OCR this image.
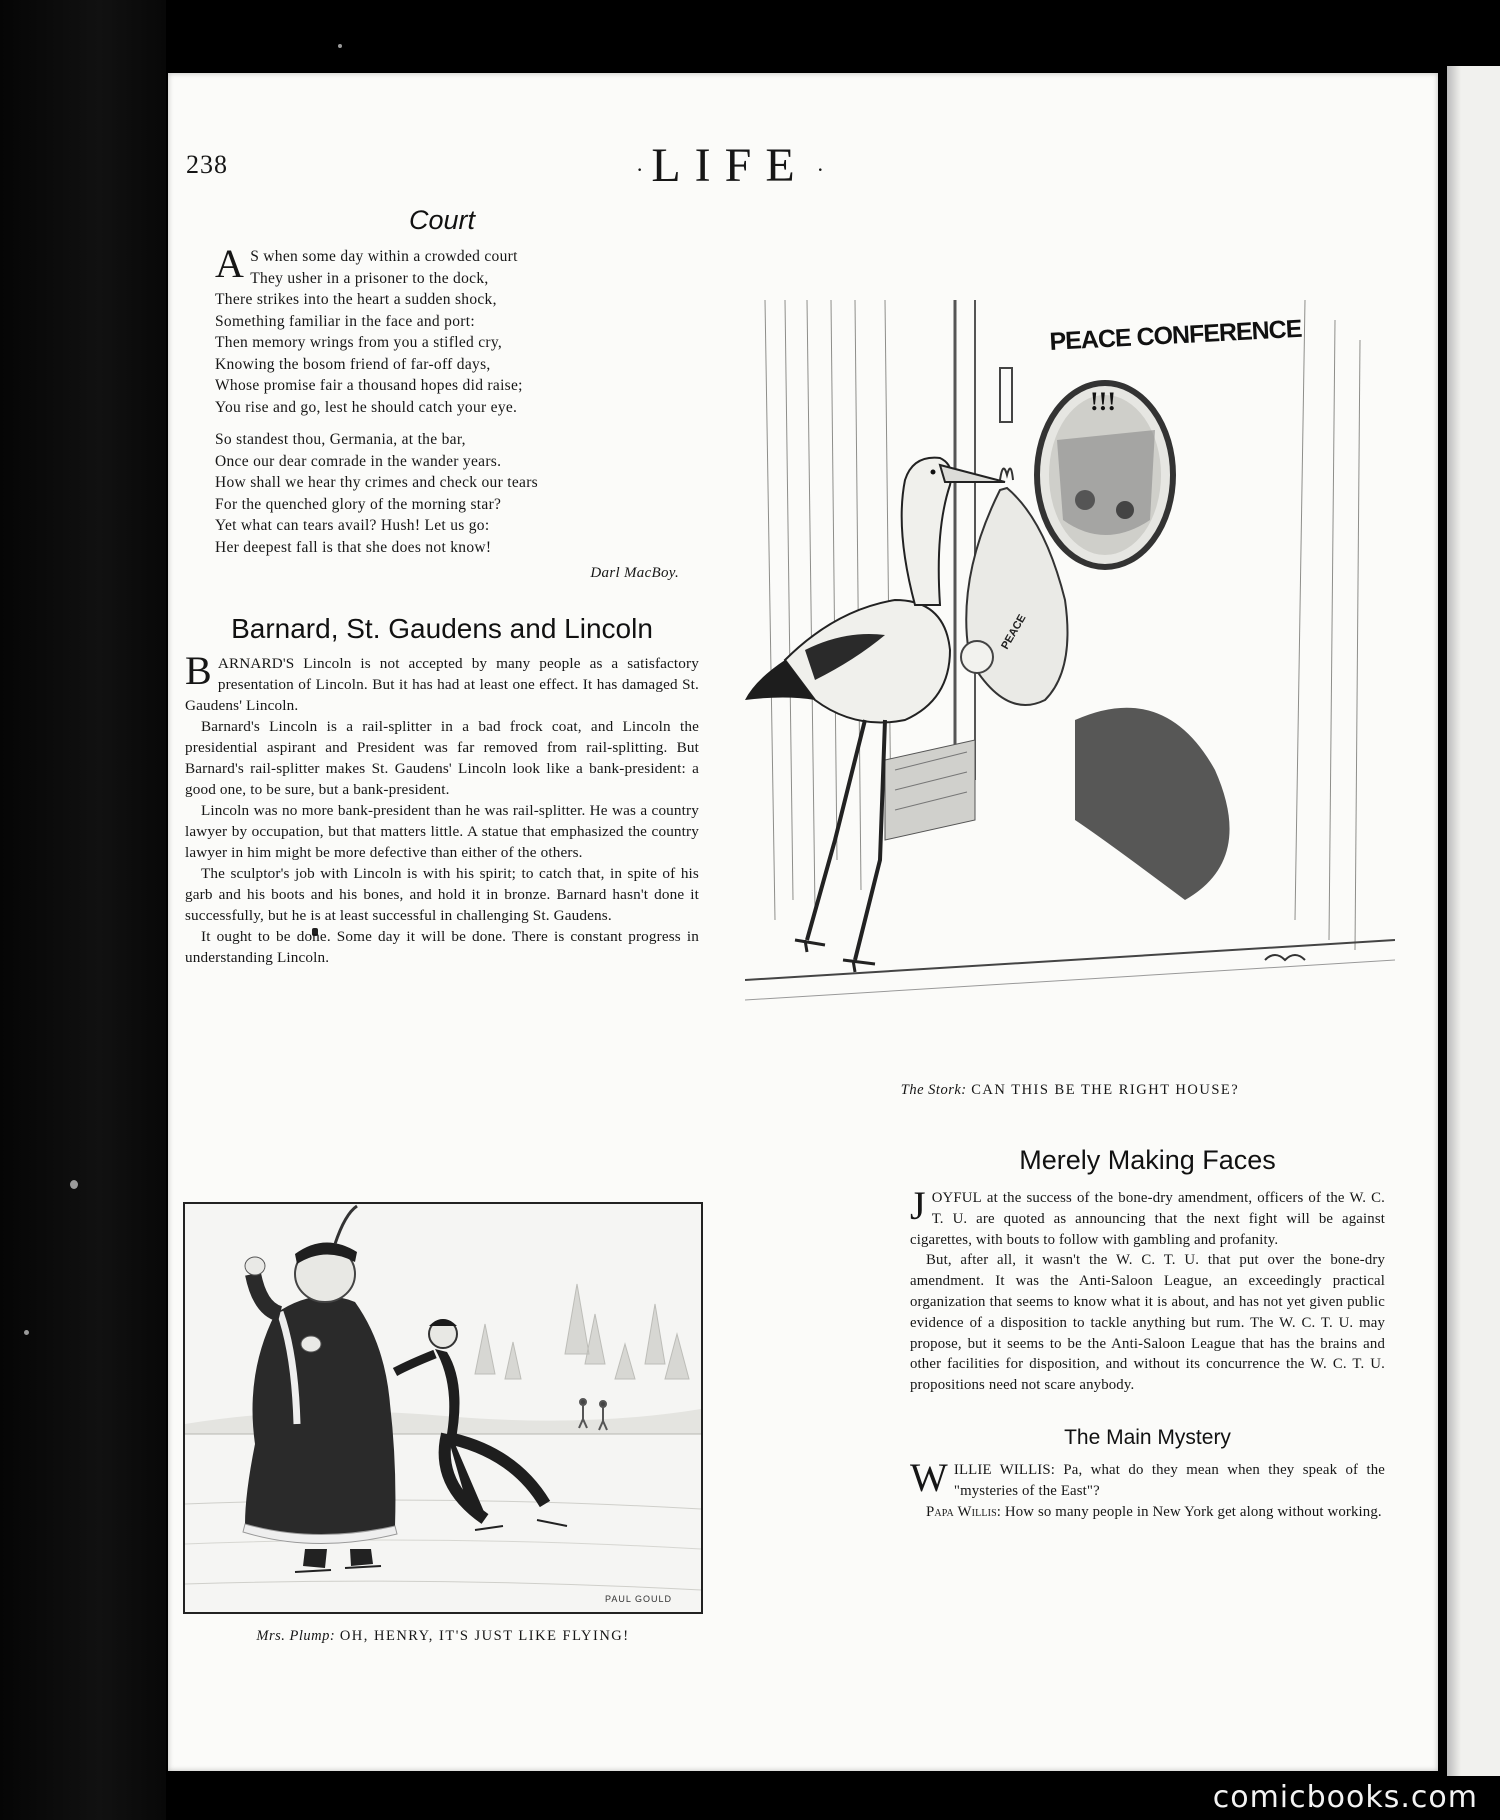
238	· LIFE ·
Court
A S when some day within a crowded court
They usher in a prisoner to the dock,
There strikes into the heart a sudden shock,
Something familiar in the face and port:
Then memory wrings from you a stifled cry,
Knowing the bosom friend of far-off days,
Whose promise fair a thousand hopes did raise;
You rise and go, lest he should catch your eye.
So standest thou, Germania, at the bar,
Once our dear comrade in the wander years.
How shall we hear thy crimes and check our tears
For the quenched glory of the morning star?
Yet what can tears avail? Hush! Let us go:
Her deepest fall is that she does not know!
Darl MacBoy.
Barnard, St. Gaudens and Lincoln

BARNARD'S Lincoln is not accepted by many people as a satisfactory presentation of Lincoln. But it has had at least one effect. It has damaged St. Gaudens' Lincoln.

Barnard's Lincoln is a rail-splitter in a bad frock coat, and Lincoln the presidential aspirant and President was far removed from rail-splitting. But Barnard's rail-splitter makes St. Gaudens' Lincoln look like a bank-president: a good one, to be sure, but a bank-president.

Lincoln was no more bank-president than he was rail-splitter. He was a country lawyer by occupation, but that matters little. A statue that emphasized the country lawyer in him might be more defective than either of the others.

The sculptor's job with Lincoln is with his spirit; to catch that, in spite of his garb and his boots and his bones, and hold it in bronze. Barnard hasn't done it successfully, but he is at least successful in challenging St. Gaudens.

It ought to be done. Some day it will be done. There is constant progress in understanding Lincoln.

PAUL GOULD
Mrs. Plump: OH, HENRY, IT'S JUST LIKE FLYING!
PEACE CONFERENCE
!!!
PEACE
The Stork: CAN THIS BE THE RIGHT HOUSE?
Merely Making Faces

JOYFUL at the success of the bone-dry amendment, officers of the W. C. T. U. are quoted as announcing that the next fight will be against cigarettes, with bouts to follow with gambling and profanity.

But, after all, it wasn't the W. C. T. U. that put over the bone-dry amendment. It was the Anti-Saloon League, an exceedingly practical organization that seems to know what it is about, and has not yet given public evidence of a disposition to tackle anything but rum. The W. C. T. U. may propose, but it seems to be the Anti-Saloon League that has the brains and other facilities for disposition, and without its concurrence the W. C. T. U. propositions need not scare anybody.

The Main Mystery

WILLIE WILLIS: Pa, what do they mean when they speak of the "mysteries of the East"?

Papa Willis: How so many people in New York get along without working.

comicbooks.com
